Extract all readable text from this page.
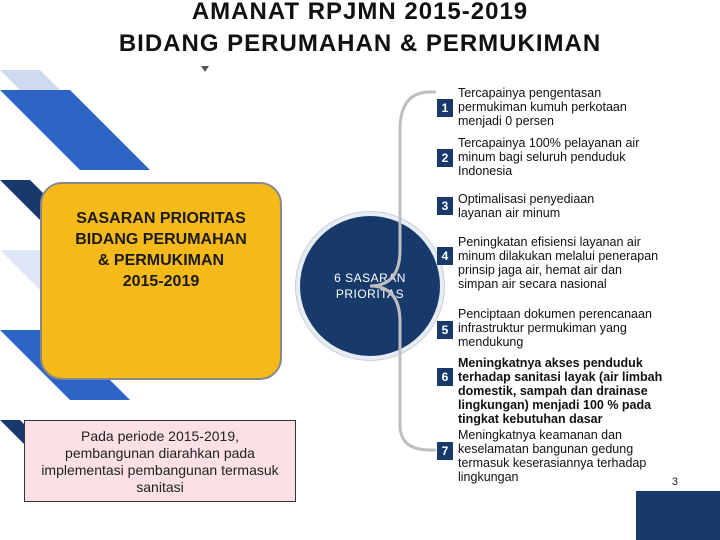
AMANAT RPJMN 2015-2019
BIDANG PERUMAHAN & PERMUKIMAN
SASARAN PRIORITAS
BIDANG PERUMAHAN
& PERMUKIMAN
2015-2019
Pada periode 2015-2019,
pembangunan diarahkan pada
implementasi pembangunan termasuk
sanitasi
6 SASARAN
PRIORITAS
1
Tercapainya pengentasan
permukiman kumuh perkotaan
menjadi 0 persen
2
Tercapainya 100% pelayanan air
minum bagi seluruh penduduk
Indonesia
3 Optimalisasi penyediaan
layanan air minum
4
Peningkatan efisiensi layanan air
minum dilakukan melalui penerapan
prinsip jaga air, hemat air dan
simpan air secara nasional
5
Penciptaan dokumen perencanaan
infrastruktur permukiman yang
mendukung
6
Meningkatnya akses penduduk
terhadap sanitasi layak (air limbah
domestik, sampah dan drainase
lingkungan) menjadi 100 % pada
tingkat kebutuhan dasar
7
Meningkatnya keamanan dan
keselamatan bangunan gedung
termasuk keserasiannya terhadap
lingkungan	3
